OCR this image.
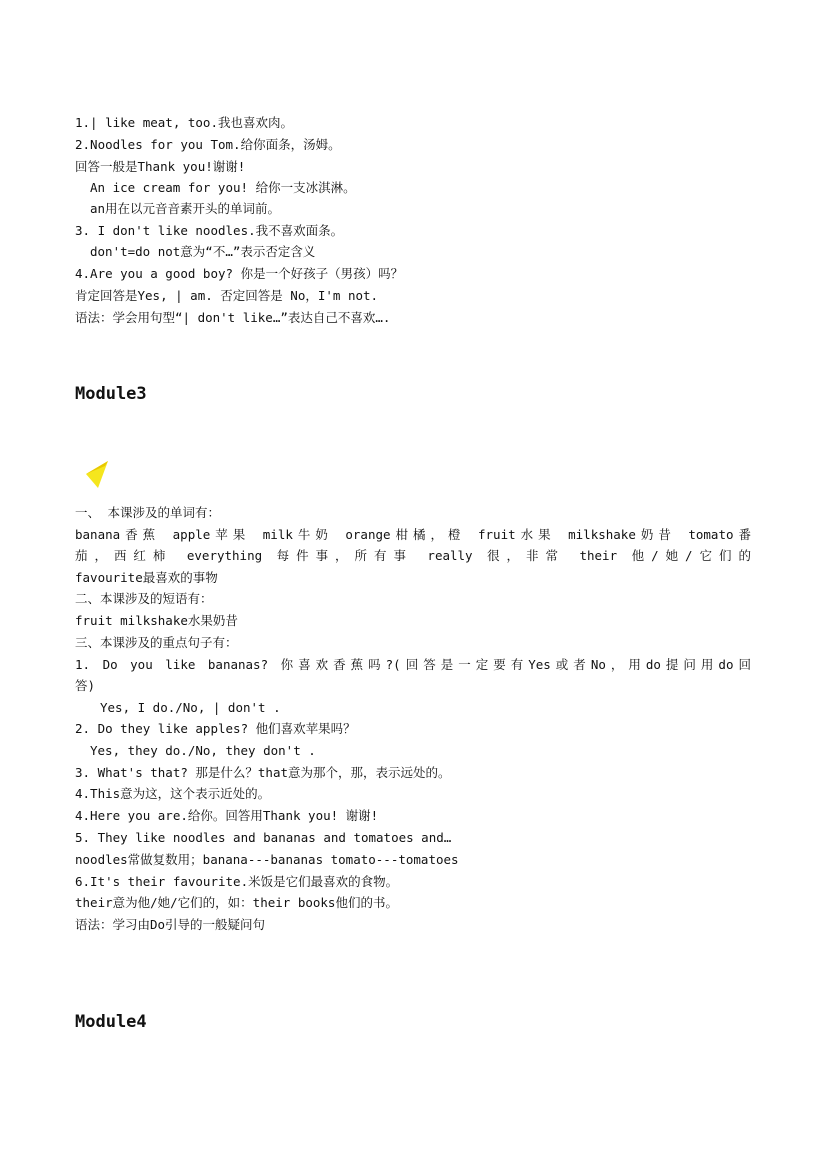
1.| like meat, too.我也喜欢肉。
2.Noodles for you Tom.给你面条，汤姆。
回答一般是Thank you!谢谢!
An ice cream for you! 给你一支冰淇淋。
an用在以元音音素开头的单词前。
3. I don't like noodles.我不喜欢面条。
don't=do not意为“不…”表示否定含义
4.Are you a good boy? 你是一个好孩子（男孩）吗？
肯定回答是Yes, | am. 否定回答是 No，I'm not.
语法：学会用句型“| don't like…”表达自己不喜欢….
Module3
一、 本课涉及的单词有：
banana香蕉 apple苹果 milk牛奶 orange柑橘，橙 fruit水果 milkshake奶昔 tomato番
茄，西红柿 everything 每件事，所有事 really 很，非常 their 他/她/它们的
favourite最喜欢的事物
二、本课涉及的短语有：
fruit milkshake水果奶昔
三、本课涉及的重点句子有：
1. Do you like bananas? 你喜欢香蕉吗?(回答是一定要有Yes或者No，用do提问用do回
答)
Yes, I do./No, | don't .
2. Do they like apples? 他们喜欢苹果吗？
Yes, they do./No, they don't .
3. What's that? 那是什么？that意为那个，那，表示远处的。
4.This意为这，这个表示近处的。
4.Here you are.给你。回答用Thank you! 谢谢!
5. They like noodles and bananas and tomatoes and…
noodles常做复数用；banana---bananas tomato---tomatoes
6.It's their favourite.米饭是它们最喜欢的食物。
their意为他/她/它们的，如：their books他们的书。
语法：学习由Do引导的一般疑问句
Module4
